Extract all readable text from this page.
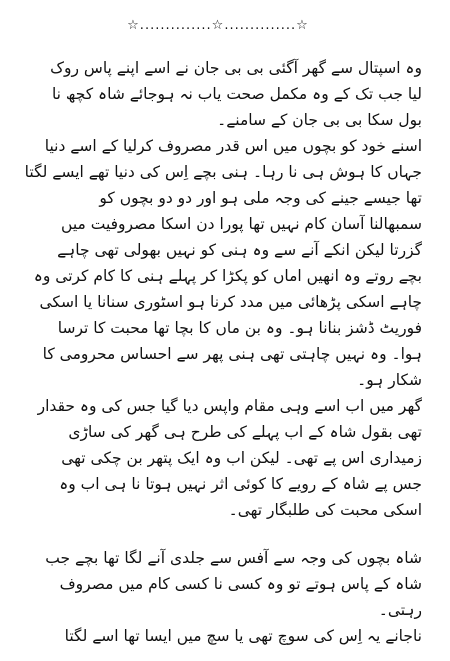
☆..............☆..............☆
وہ اسپتال سے گھر آگئی بی بی جان نے اسے اپنے پاس روک
لیا جب تک کے وہ مکمل صحت یاب نہ ہوجائے شاہ کچھ نا
بول سکا بی بی جان کے سامنے۔
اسنے خود کو بچوں میں اس قدر مصروف کرلیا کے اسے دنیا
جہاں کا ہوش ہی نا رہا۔ ہنی بچے اِس کی دنیا تھے ایسے لگتا
تھا جیسے جینے کی وجہ ملی ہو اور دو دو بچوں کو
سمبھالنا آسان کام نہیں تھا پورا دن اسکا مصروفیت میں
گزرتا لیکن انکے آنے سے وہ ہنی کو نہیں بھولی تھی چاہے
بچے روتے وہ انھیں اماں کو پکڑا کر پہلے ہنی کا کام کرتی وہ
چاہے اسکی پڑھائی میں مدد کرنا ہو اسٹوری سنانا یا اسکی
فوریٹ ڈشز بنانا ہو۔ وہ بن ماں کا بچا تھا محبت کا ترسا
ہوا۔ وہ نہیں چاہتی تھی ہنی پھر سے احساس محرومی کا
شکار ہو۔
گھر میں اب اسے وہی مقام واپس دیا گیا جس کی وہ حقدار
تھی بقول شاہ کے اب پہلے کی طرح ہی گھر کی ساڑی
زمیداری اس پے تھی۔ لیکن اب وہ ایک پتھر بن چکی تھی
جس پے شاہ کے رویے کا کوئی اثر نہیں ہوتا نا ہی اب وہ
اسکی محبت کی طلبگار تھی۔
شاہ بچوں کی وجہ سے آفس سے جلدی آنے لگا تھا بچے جب
شاہ کے پاس ہوتے تو وہ کسی نا کسی کام میں مصروف
رہتی۔
ناجانے یہ اِس کی سوچ تھی یا سچ میں ایسا تھا اسے لگتا
